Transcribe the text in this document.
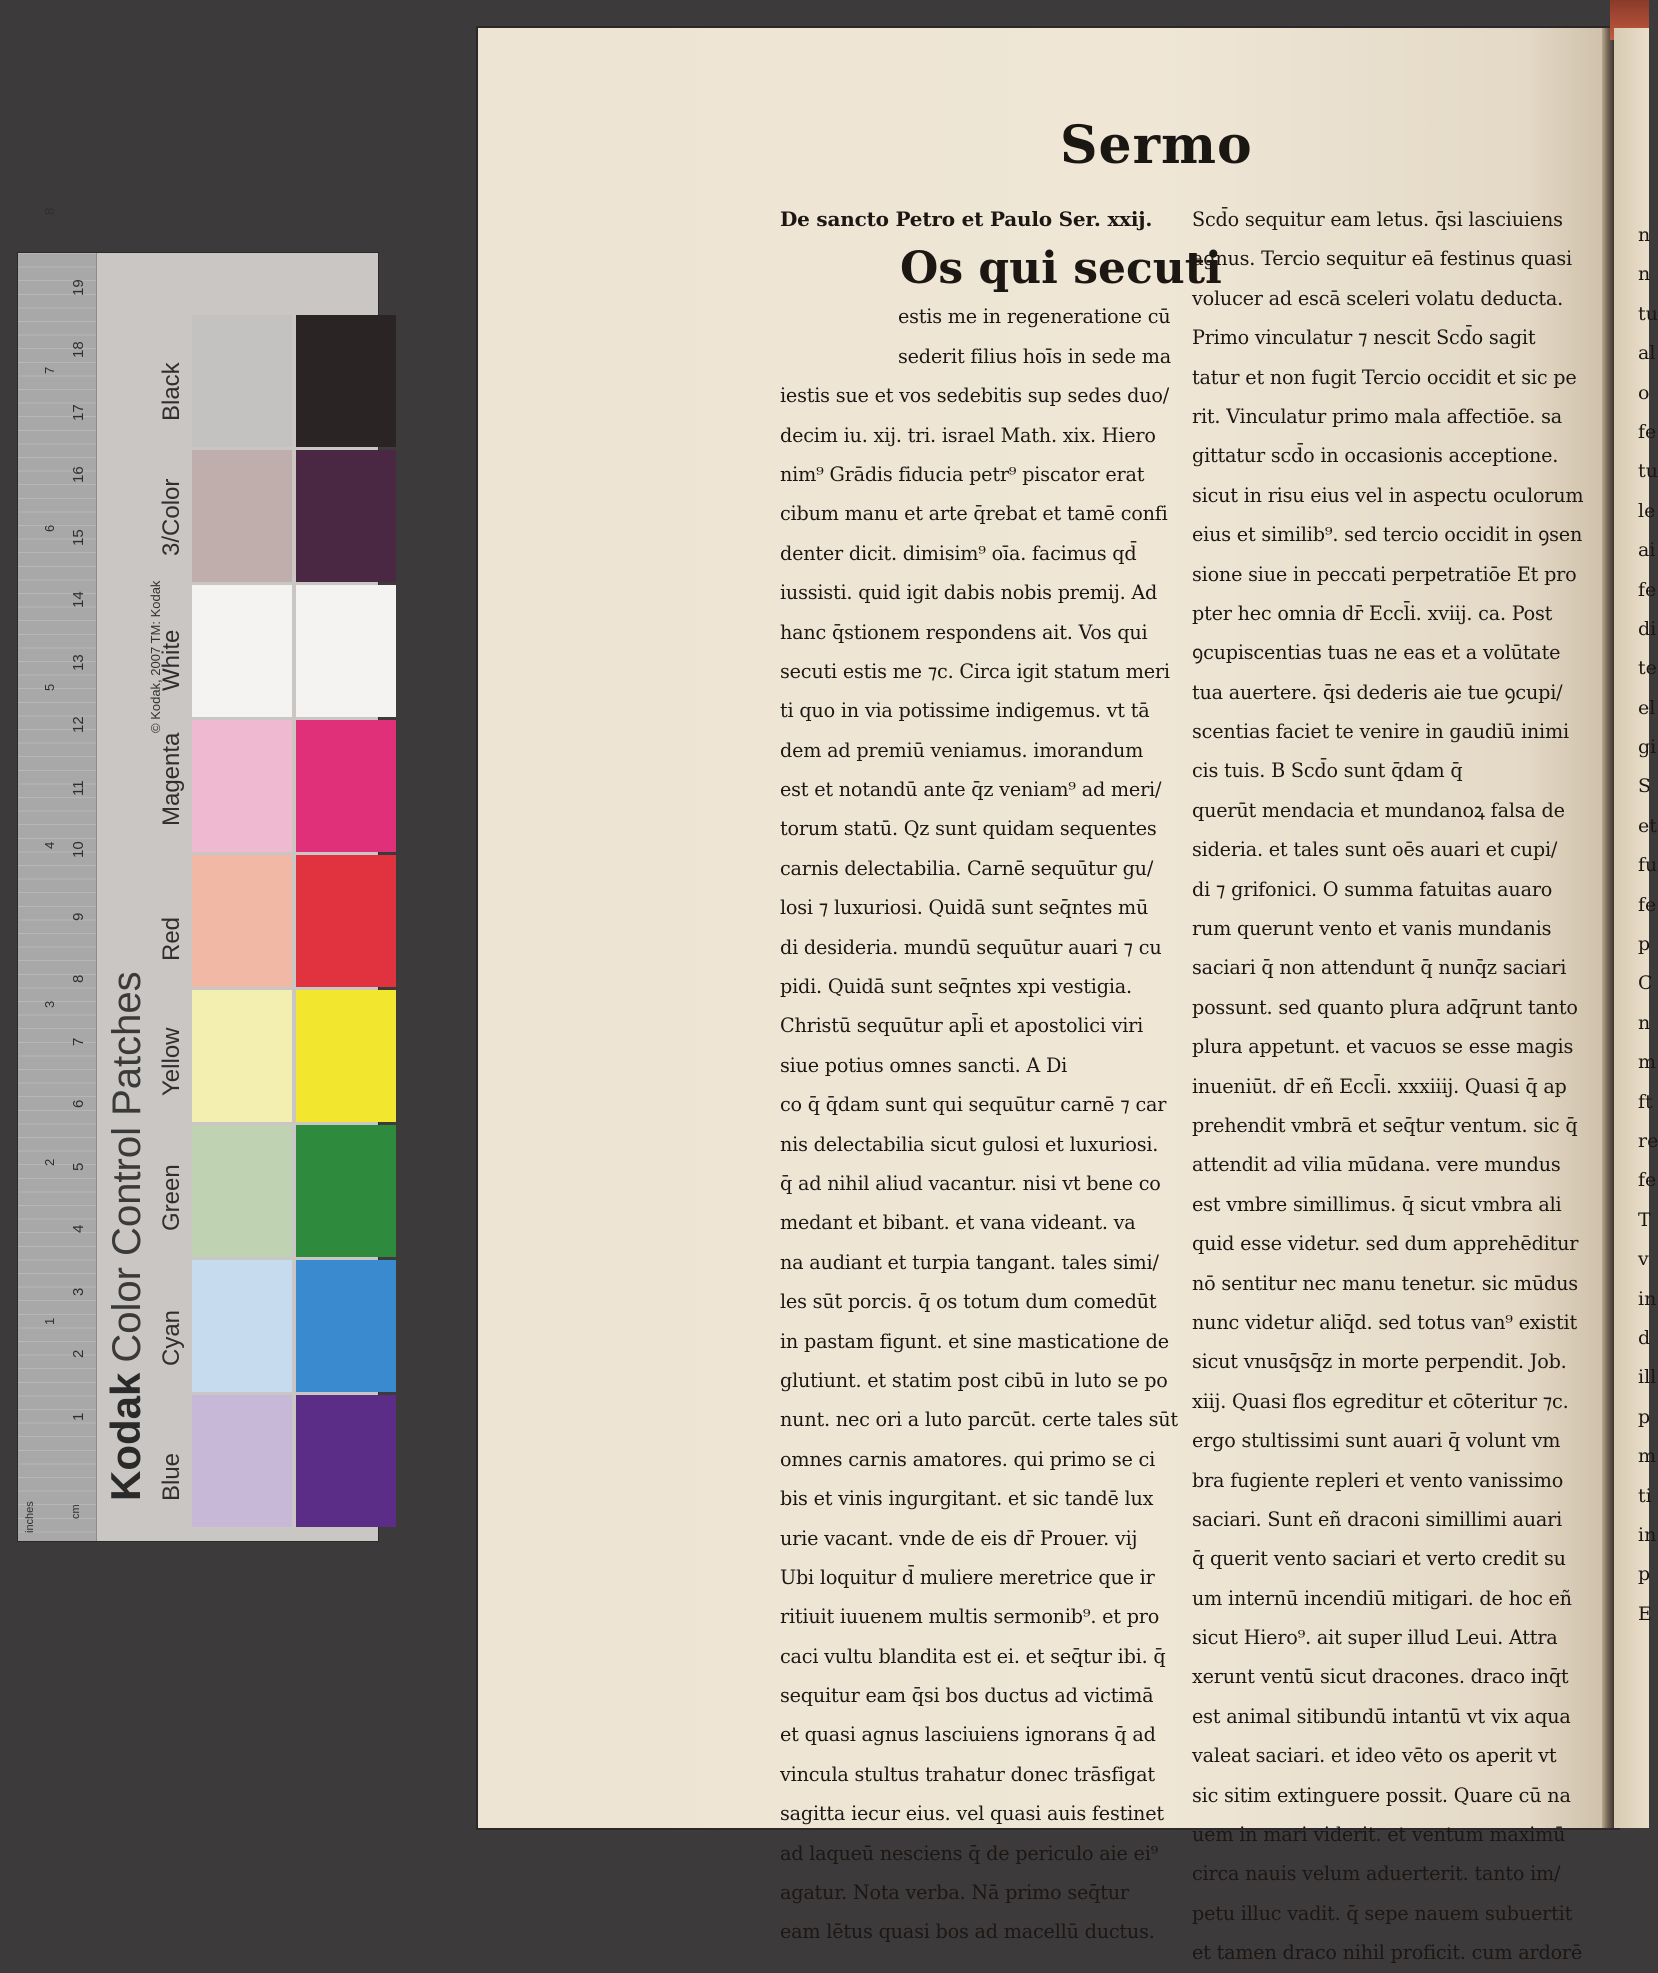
1
2
3
4
5
6
7
8
9
10
11
12
13
14
15
16
17
18
19
1
2
3
4
5
6
7
8
inches	cm
KodakColor Control Patches
© Kodak, 2007 TM: Kodak
Blue
Cyan
Green
Yellow
Red
Magenta
White
3/Color
Black
n
n
tu
al
o
fe
tu
le
ai
fe
di
te
el
gi
S
et
fu
fe
p
C
n
m
ft
re
fe
T
v
in
d
ill
p
m
ti
in
p
E
Sermo
De sancto Petro et Paulo Ser. xxij.
Os qui secuti
estis me in regeneratione cū
sederit filius hoīs in sede ma
iestis sue et vos sedebitis sup sedes duo/
decim iu. xij. tri. israel Math. xix. Hiero
nim⁹ Grādis fiducia petr⁹ piscator erat
cibum manu et arte q̄rebat et tamē confi
denter dicit. dimisim⁹ oīa. facimus qd̄
iussisti. quid igit dabis nobis premij. Ad
hanc q̄stionem respondens ait. Vos qui
secuti estis me ⁊c. Circa igit statum meri
ti quo in via potissime indigemus. vt tā
dem ad premiū veniamus. imorandum
est et notandū ante q̄z veniam⁹ ad meri/
torum statū. Qz sunt quidam sequentes
carnis delectabilia. Carnē sequūtur gu/
losi ⁊ luxuriosi. Quidā sunt seq̄ntes mū
di desideria. mundū sequūtur auari ⁊ cu
pidi. Quidā sunt seq̄ntes xpi vestigia.
Christū sequūtur apl̄i et apostolici viri
siue potius omnes sancti. A Di
co q̄ q̄dam sunt qui sequūtur carnē ⁊ car
nis delectabilia sicut gulosi et luxuriosi.
q̄ ad nihil aliud vacantur. nisi vt bene co
medant et bibant. et vana videant. va
na audiant et turpia tangant. tales simi/
les sūt porcis. q̄ os totum dum comedūt
in pastam figunt. et sine masticatione de
glutiunt. et statim post cibū in luto se po
nunt. nec ori a luto parcūt. certe tales sūt
omnes carnis amatores. qui primo se ci
bis et vinis ingurgitant. et sic tandē lux
urie vacant. vnde de eis dr̄ Prouer. vij
Ubi loquitur d̄ muliere meretrice que ir
ritiuit iuuenem multis sermonib⁹. et pro
caci vultu blandita est ei. et seq̄tur ibi. q̄
sequitur eam q̄si bos ductus ad victimā
et quasi agnus lasciuiens ignorans q̄ ad
vincula stultus trahatur donec trāsfigat
sagitta iecur eius. vel quasi auis festinet
ad laqueū nesciens q̄ de periculo aie ei⁹
agatur. Nota verba. Nā primo seq̄tur
eam lētus quasi bos ad macellū ductus.
Scd̄o sequitur eam letus. q̄si lasciuiens
agnus. Tercio sequitur eā festinus quasi
volucer ad escā sceleri volatu deducta.
Primo vinculatur ⁊ nescit Scd̄o sagit
tatur et non fugit Tercio occidit et sic pe
rit. Vinculatur primo mala affectiōe. sa
gittatur scd̄o in occasionis acceptione.
sicut in risu eius vel in aspectu oculorum
eius et similib⁹. sed tercio occidit in ꝯsen
sione siue in peccati perpetratiōe Et pro
pter hec omnia dr̄ Eccl̄i. xviij. ca. Post
ꝯcupiscentias tuas ne eas et a volūtate
tua auertere. q̄si dederis aie tue ꝯcupi/
scentias faciet te venire in gaudiū inimi
cis tuis. B Scd̄o sunt q̄dam q̄
querūt mendacia et mundanoꝝ falsa de
sideria. et tales sunt oēs auari et cupi/
di ⁊ grifonici. O summa fatuitas auaro
rum querunt vento et vanis mundanis
saciari q̄ non attendunt q̄ nunq̄z saciari
possunt. sed quanto plura adq̄runt tanto
plura appetunt. et vacuos se esse magis
inueniūt. dr̄ eñ Eccl̄i. xxxiiij. Quasi q̄ ap
prehendit vmbrā et seq̄tur ventum. sic q̄
attendit ad vilia mūdana. vere mundus
est vmbre simillimus. q̄ sicut vmbra ali
quid esse videtur. sed dum apprehēditur
nō sentitur nec manu tenetur. sic mūdus
nunc videtur aliq̄d. sed totus van⁹ existit
sicut vnusq̄sq̄z in morte perpendit. Job.
xiij. Quasi flos egreditur et cōteritur ⁊c.
ergo stultissimi sunt auari q̄ volunt vm
bra fugiente repleri et vento vanissimo
saciari. Sunt eñ draconi simillimi auari
q̄ querit vento saciari et verto credit su
um internū incendiū mitigari. de hoc eñ
sicut Hiero⁹. ait super illud Leui. Attra
xerunt ventū sicut dracones. draco inq̄t
est animal sitibundū intantū vt vix aqua
valeat saciari. et ideo vēto os aperit vt
sic sitim extinguere possit. Quare cū na
uem in mari viderit. et ventum maximū
circa nauis velum aduerterit. tanto im/
petu illuc vadit. q̄ sepe nauem subuertit
et tamen draco nihil proficit. cum ardorē
